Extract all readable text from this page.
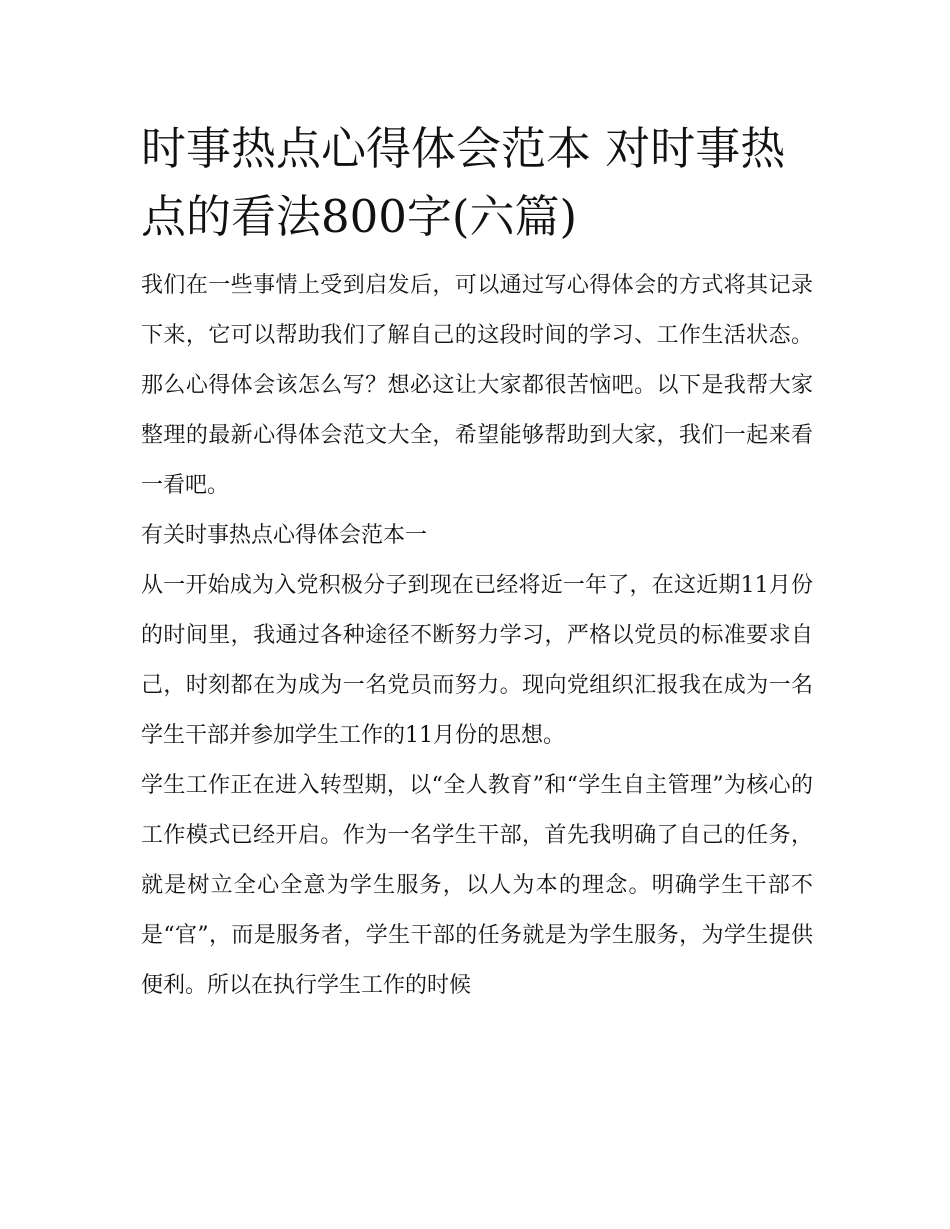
时事热点心得体会范本 对时事热点的看法800字(六篇)

我们在一些事情上受到启发后，可以通过写心得体会的方式将其记录下来，它可以帮助我们了解自己的这段时间的学习、工作生活状态。那么心得体会该怎么写？想必这让大家都很苦恼吧。以下是我帮大家整理的最新心得体会范文大全，希望能够帮助到大家，我们一起来看一看吧。

有关时事热点心得体会范本一

从一开始成为入党积极分子到现在已经将近一年了，在这近期11月份的时间里，我通过各种途径不断努力学习，严格以党员的标准要求自己，时刻都在为成为一名党员而努力。现向党组织汇报我在成为一名学生干部并参加学生工作的11月份的思想。

学生工作正在进入转型期，以“全人教育”和“学生自主管理”为核心的工作模式已经开启。作为一名学生干部，首先我明确了自己的任务，就是树立全心全意为学生服务，以人为本的理念。明确学生干部不是“官”，而是服务者，学生干部的任务就是为学生服务，为学生提供便利。所以在执行学生工作的时候
